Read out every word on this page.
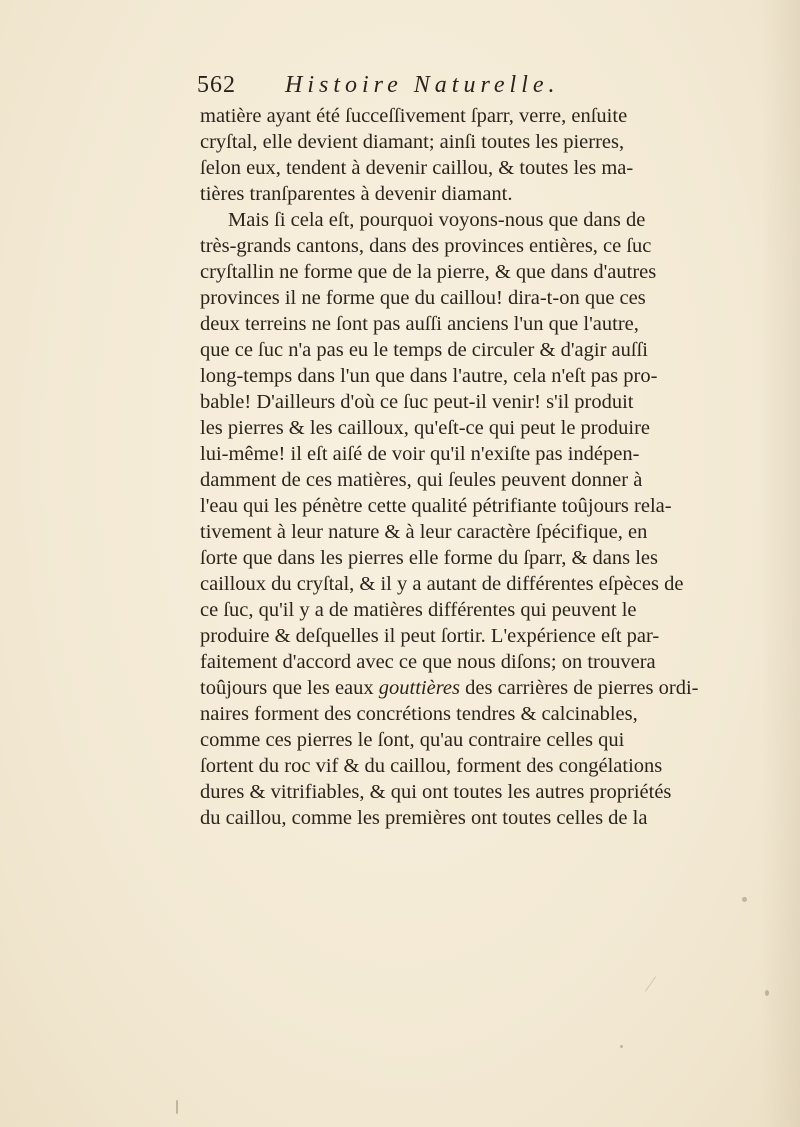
562 Histoire Naturelle.
matière ayant été ſucceſſivement ſparr, verre, enſuite
cryſtal, elle devient diamant; ainſi toutes les pierres,
ſelon eux, tendent à devenir caillou, & toutes les ma-
tières tranſparentes à devenir diamant.
Mais ſi cela eſt, pourquoi voyons-nous que dans de
très-grands cantons, dans des provinces entières, ce ſuc
cryſtallin ne forme que de la pierre, & que dans d'autres
provinces il ne forme que du caillou! dira-t-on que ces
deux terreins ne ſont pas auſſi anciens l'un que l'autre,
que ce ſuc n'a pas eu le temps de circuler & d'agir auſſi
long-temps dans l'un que dans l'autre, cela n'eſt pas pro-
bable! D'ailleurs d'où ce ſuc peut-il venir! s'il produit
les pierres & les cailloux, qu'eſt-ce qui peut le produire
lui-même! il eſt aiſé de voir qu'il n'exiſte pas indépen-
damment de ces matières, qui ſeules peuvent donner à
l'eau qui les pénètre cette qualité pétrifiante toûjours rela-
tivement à leur nature & à leur caractère ſpécifique, en
ſorte que dans les pierres elle forme du ſparr, & dans les
cailloux du cryſtal, & il y a autant de différentes eſpèces de
ce ſuc, qu'il y a de matières différentes qui peuvent le
produire & deſquelles il peut ſortir. L'expérience eſt par-
faitement d'accord avec ce que nous diſons; on trouvera
toûjours que les eaux gouttières des carrières de pierres ordi-
naires forment des concrétions tendres & calcinables,
comme ces pierres le ſont, qu'au contraire celles qui
ſortent du roc vif & du caillou, forment des congélations
dures & vitrifiables, & qui ont toutes les autres propriétés
du caillou, comme les premières ont toutes celles de la
